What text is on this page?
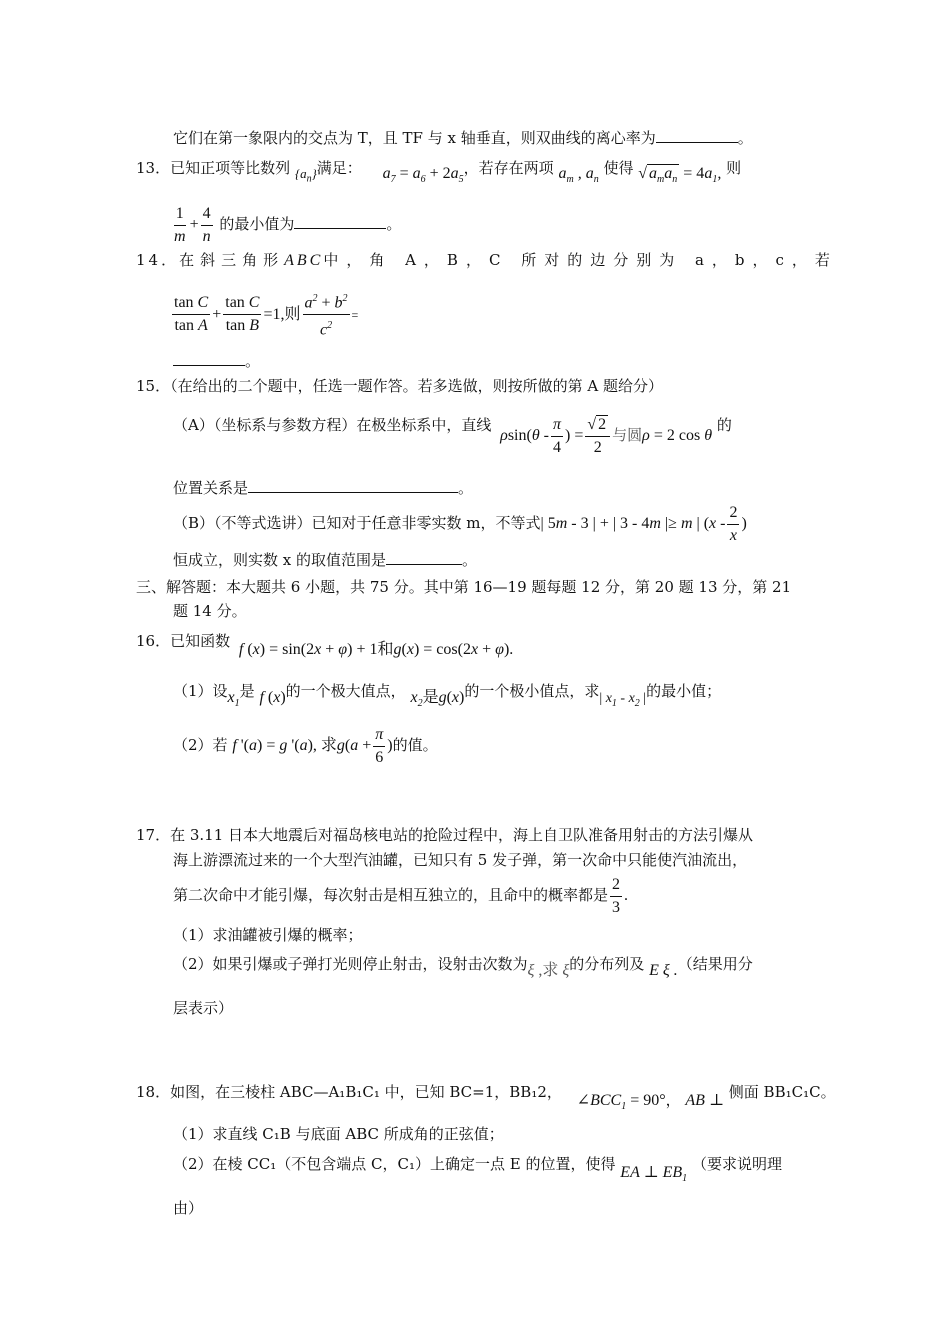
它们在第一象限内的交点为 T，且 TF 与 x 轴垂直，则双曲线的离心率为	。
13．已知正项等比数列 $\{a_n\}$满足： $a_7 = a_6 + 2a_5$，若存在两项 $a_m$ , $a_n$ 使得 √ $a_ma_n = 4a_1$, 则
$\frac{1}{m} + \frac{4}{n}$ 的最小值为	。
14．在斜三角形ABC中，角 A，B，C 所对的边分别为 a，b，c，若
$\frac{\text{tan C}}{\text{tan A}} + \frac{\text{tan C}}{\text{tan B}} =1$,则 $\frac{a^2 + b^2}{c^2}$ =
。
15．（在给出的二个题中，任选一题作答。若多选做，则按所做的第 A 题给分）
（A）（坐标系与参数方程）在极坐标系中，直线 $\rho\sin(\theta - \frac{\pi}{4}$ ) = $\frac{√ 2}{2}$ 与圆ρ = 2 cos θ 的
位置关系是	。
（B）（不等式选讲）已知对于任意非零实数 m，不等式| 5m - 3 | + | 3 - 4m |≥ m | ($x - \frac{2}{x}$ )
恒成立，则实数 x 的取值范围是	。
三、解答题：本大题共 6 小题，共 75 分。其中第 16—19 题每题 12 分，第 20 题 13 分，第 21
题 14 分。
16．已知函数 f (x) = sin(2x + φ) + 1和g(x) = cos(2x + φ).
（1）设$x_1$是 f (x)的一个极大值点， $x_2$是g(x)的一个极小值点，求| $x_1 - x_2$ |的最小值；
（2）若 f '(a) = g '(a), 求$g(a + \frac{\pi}{6}$ )的值。
17．在 3.11 日本大地震后对福岛核电站的抢险过程中，海上自卫队准备用射击的方法引爆从
海上游漂流过来的一个大型汽油罐，已知只有 5 发子弹，第一次命中只能使汽油流出，
第二次命中才能引爆，每次射击是相互独立的，且命中的概率都是 $\frac{2}{3}$ .
（1）求油罐被引爆的概率；
（2）如果引爆或子弹打光则停止射击，设射击次数为ξ ,求 ξ的分布列及 E ξ .（结果用分
层表示）
18．如图，在三棱柱 ABC—A₁B₁C₁ 中，已知 BC=1，BB₁2， $\angle BCC_1 = 90^\circ$， AB ⊥ 侧面 BB₁C₁C。
（1）求直线 C₁B 与底面 ABC 所成角的正弦值；
（2）在棱 CC₁（不包含端点 C，C₁）上确定一点 E 的位置，使得 EA ⊥ $EB_1$ （要求说明理
由）
